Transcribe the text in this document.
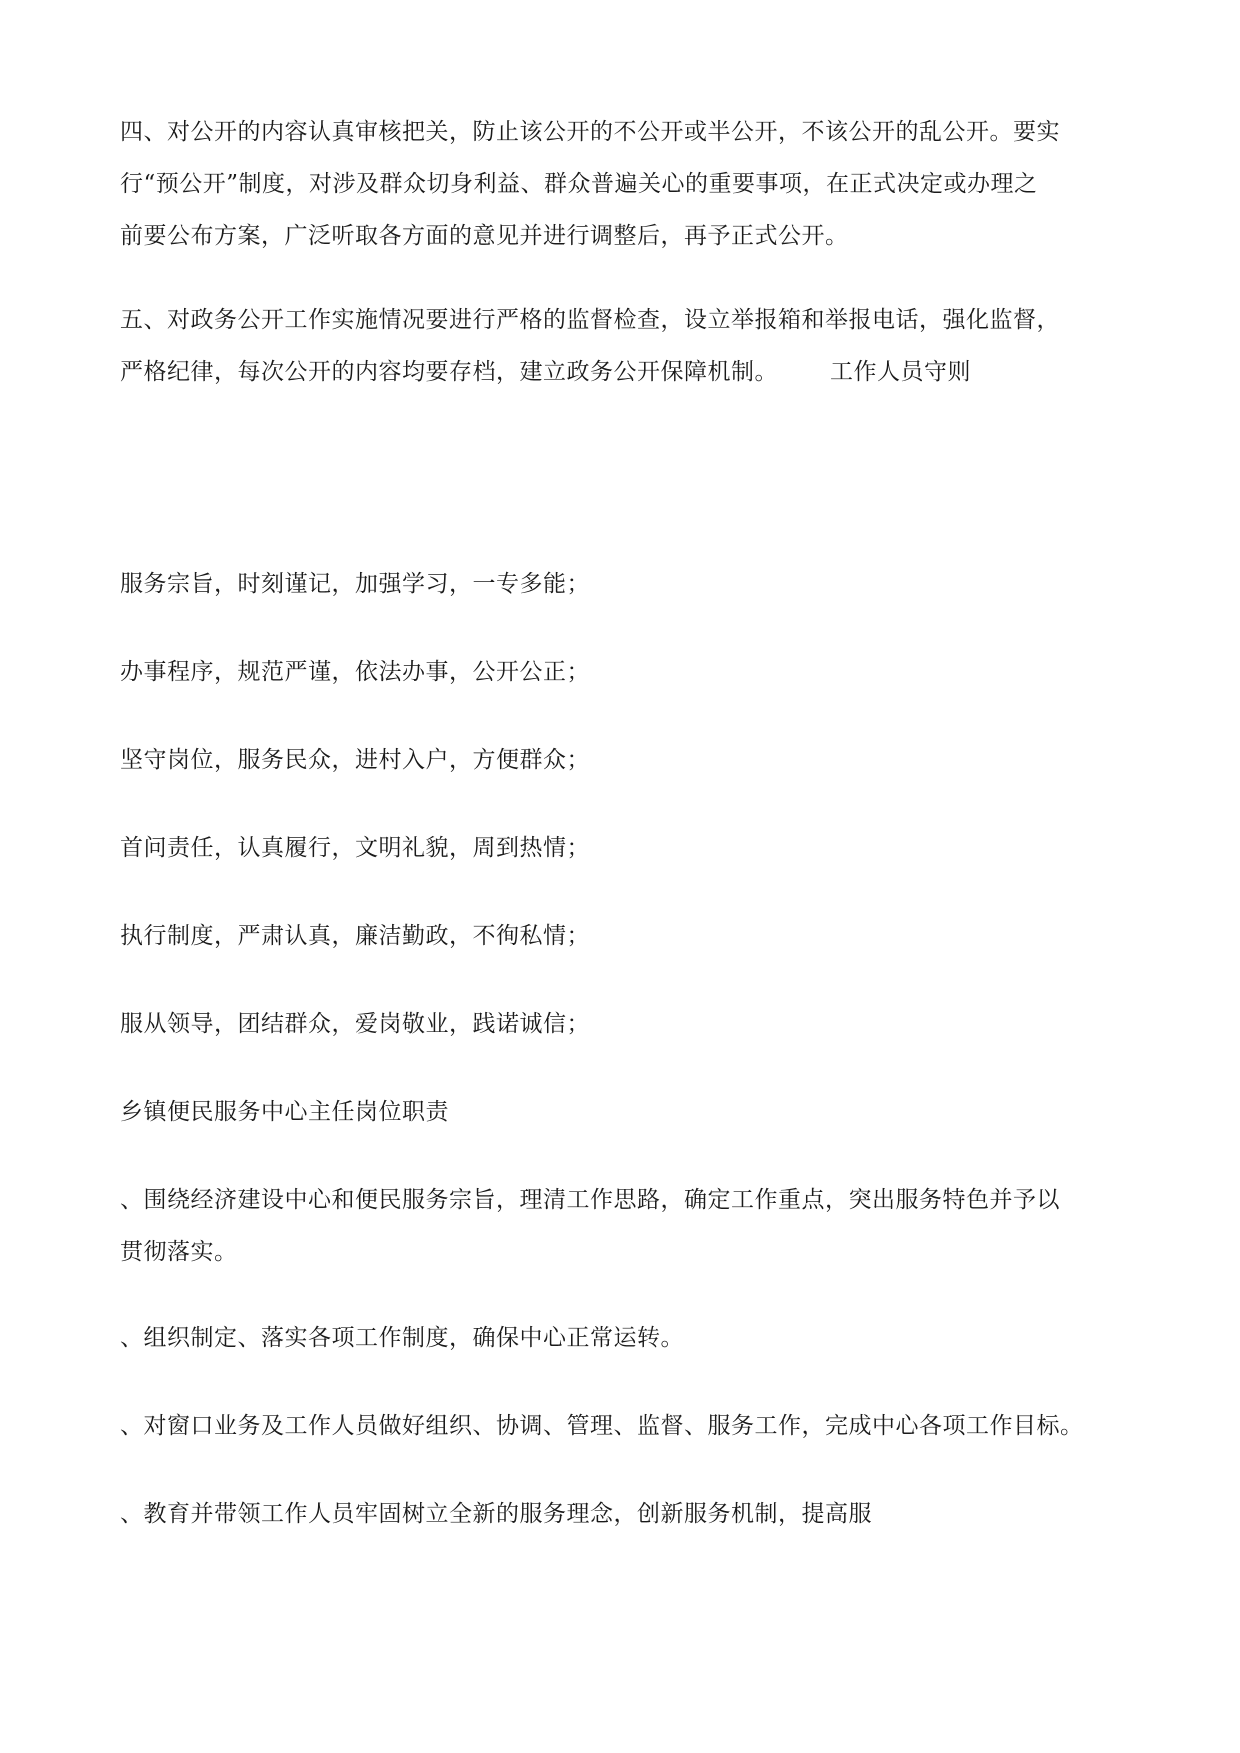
四、对公开的内容认真审核把关，防止该公开的不公开或半公开，不该公开的乱公开。要实
行“预公开”制度，对涉及群众切身利益、群众普遍关心的重要事项，在正式决定或办理之
前要公布方案，广泛听取各方面的意见并进行调整后，再予正式公开。

五、对政务公开工作实施情况要进行严格的监督检查，设立举报箱和举报电话，强化监督，
严格纪律，每次公开的内容均要存档，建立政务公开保障机制。 工作人员守则

服务宗旨，时刻谨记，加强学习，一专多能；

办事程序，规范严谨，依法办事，公开公正；

坚守岗位，服务民众，进村入户，方便群众；

首问责任，认真履行，文明礼貌，周到热情；

执行制度，严肃认真，廉洁勤政，不徇私情；

服从领导，团结群众，爱岗敬业，践诺诚信；

乡镇便民服务中心主任岗位职责

、围绕经济建设中心和便民服务宗旨，理清工作思路，确定工作重点，突出服务特色并予以
贯彻落实。

、组织制定、落实各项工作制度，确保中心正常运转。

、对窗口业务及工作人员做好组织、协调、管理、监督、服务工作，完成中心各项工作目标。

、教育并带领工作人员牢固树立全新的服务理念，创新服务机制，提高服
